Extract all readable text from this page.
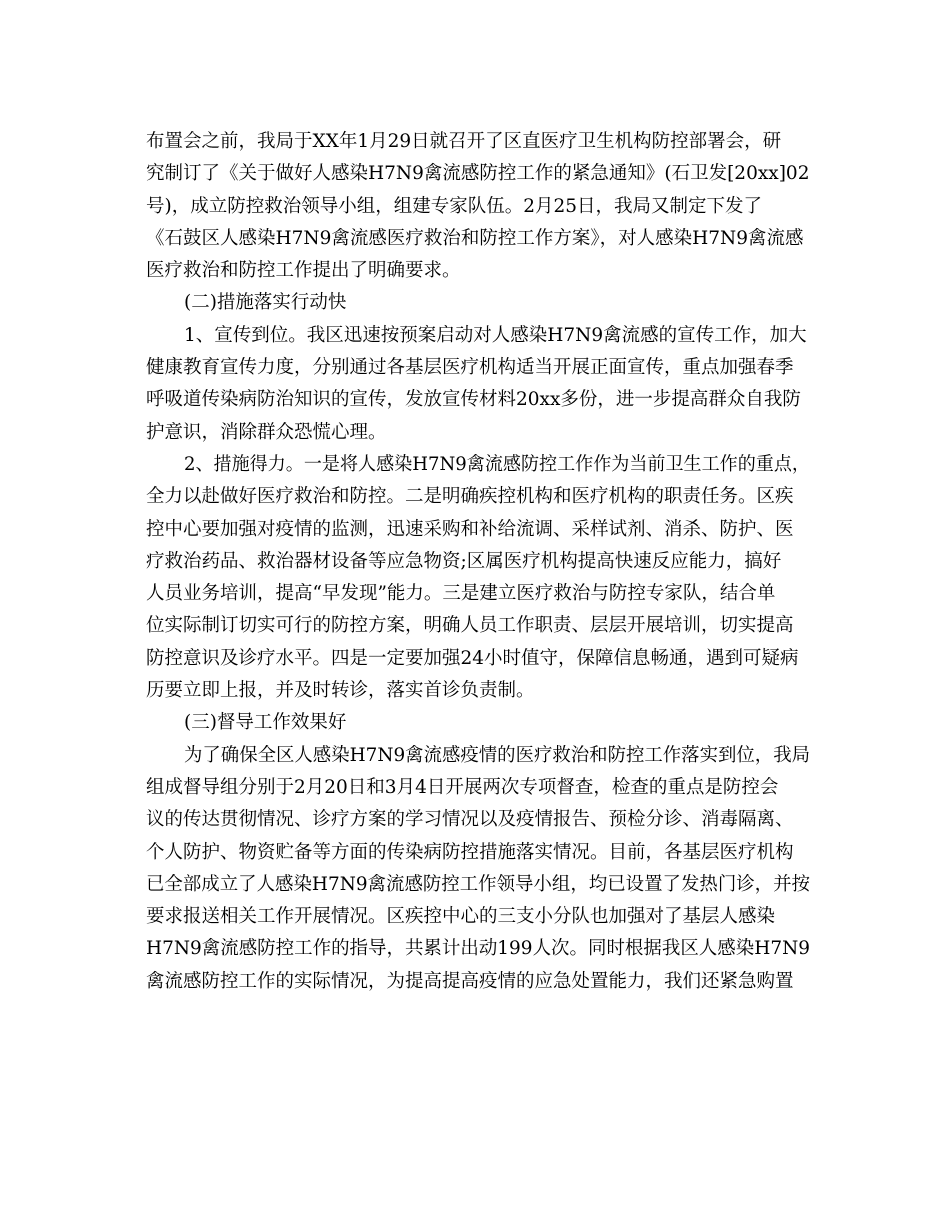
布置会之前，我局于XX年1月29日就召开了区直医疗卫生机构防控部署会，研
究制订了《关于做好人感染H7N9禽流感防控工作的紧急通知》(石卫发[20xx]02
号)，成立防控救治领导小组，组建专家队伍。2月25日，我局又制定下发了
《石鼓区人感染H7N9禽流感医疗救治和防控工作方案》，对人感染H7N9禽流感
医疗救治和防控工作提出了明确要求。
(二)措施落实行动快
1、宣传到位。我区迅速按预案启动对人感染H7N9禽流感的宣传工作，加大
健康教育宣传力度，分别通过各基层医疗机构适当开展正面宣传，重点加强春季
呼吸道传染病防治知识的宣传，发放宣传材料20xx多份，进一步提高群众自我防
护意识，消除群众恐慌心理。
2、措施得力。一是将人感染H7N9禽流感防控工作作为当前卫生工作的重点，
全力以赴做好医疗救治和防控。二是明确疾控机构和医疗机构的职责任务。区疾
控中心要加强对疫情的监测，迅速采购和补给流调、采样试剂、消杀、防护、医
疗救治药品、救治器材设备等应急物资;区属医疗机构提高快速反应能力，搞好
人员业务培训，提高“早发现”能力。三是建立医疗救治与防控专家队，结合单
位实际制订切实可行的防控方案，明确人员工作职责、层层开展培训，切实提高
防控意识及诊疗水平。四是一定要加强24小时值守，保障信息畅通，遇到可疑病
历要立即上报，并及时转诊，落实首诊负责制。
(三)督导工作效果好
为了确保全区人感染H7N9禽流感疫情的医疗救治和防控工作落实到位，我局
组成督导组分别于2月20日和3月4日开展两次专项督查，检查的重点是防控会
议的传达贯彻情况、诊疗方案的学习情况以及疫情报告、预检分诊、消毒隔离、
个人防护、物资贮备等方面的传染病防控措施落实情况。目前，各基层医疗机构
已全部成立了人感染H7N9禽流感防控工作领导小组，均已设置了发热门诊，并按
要求报送相关工作开展情况。区疾控中心的三支小分队也加强对了基层人感染
H7N9禽流感防控工作的指导，共累计出动199人次。同时根据我区人感染H7N9
禽流感防控工作的实际情况，为提高提高疫情的应急处置能力，我们还紧急购置
